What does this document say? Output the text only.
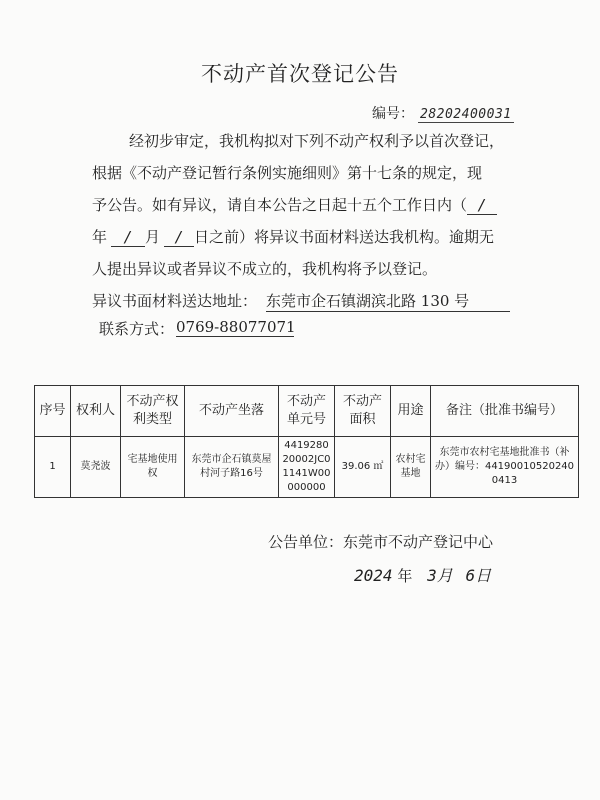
不动产首次登记公告
编号： 28202400031
经初步审定，我机构拟对下列不动产权利予以首次登记，
根据《不动产登记暂行条例实施细则》第十七条的规定，现
予公告。如有异议，请自本公告之日起十五个工作日内（ /
年 / 月 / 日之前）将异议书面材料送达我机构。逾期无
人提出异议或者异议不成立的，我机构将予以登记。
异议书面材料送达地址： 东莞市企石镇湖滨北路 130 号
联系方式： 0769-88077071
序号	权利人	不动产权利类型	不动产坐落	不动产单元号	不动产面积	用途	备注（批准书编号）
1	莫尧波	宅基地使用权	东莞市企石镇莫屋村河子路16号	441928020002JC01141W00000000	39.06 ㎡	农村宅基地	东莞市农村宅基地批准书（补办）编号：441900105202400413
公告单位：东莞市不动产登记中心
2024 年 3月 6日
